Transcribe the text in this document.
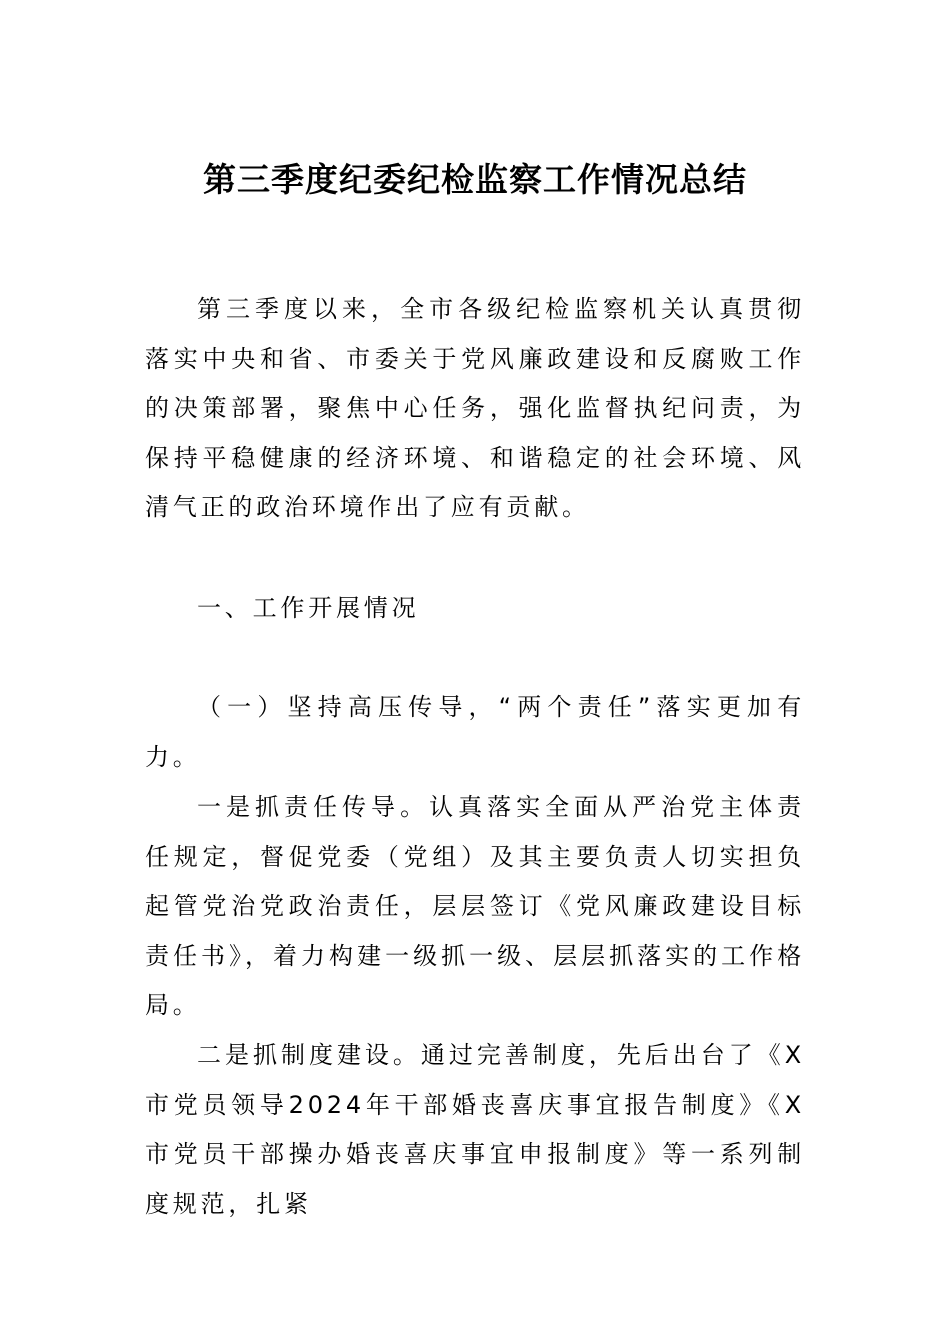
第三季度纪委纪检监察工作情况总结

第三季度以来，全市各级纪检监察机关认真贯彻落实中央和省、市委关于党风廉政建设和反腐败工作的决策部署，聚焦中心任务，强化监督执纪问责，为保持平稳健康的经济环境、和谐稳定的社会环境、风清气正的政治环境作出了应有贡献。

一、工作开展情况

（一）坚持高压传导，“两个责任”落实更加有力。

一是抓责任传导。认真落实全面从严治党主体责任规定，督促党委（党组）及其主要负责人切实担负起管党治党政治责任，层层签订《党风廉政建设目标责任书》，着力构建一级抓一级、层层抓落实的工作格局。

二是抓制度建设。通过完善制度，先后出台了《X市党员领导2024年干部婚丧喜庆事宜报告制度》《X市党员干部操办婚丧喜庆事宜申报制度》等一系列制度规范，扎紧
